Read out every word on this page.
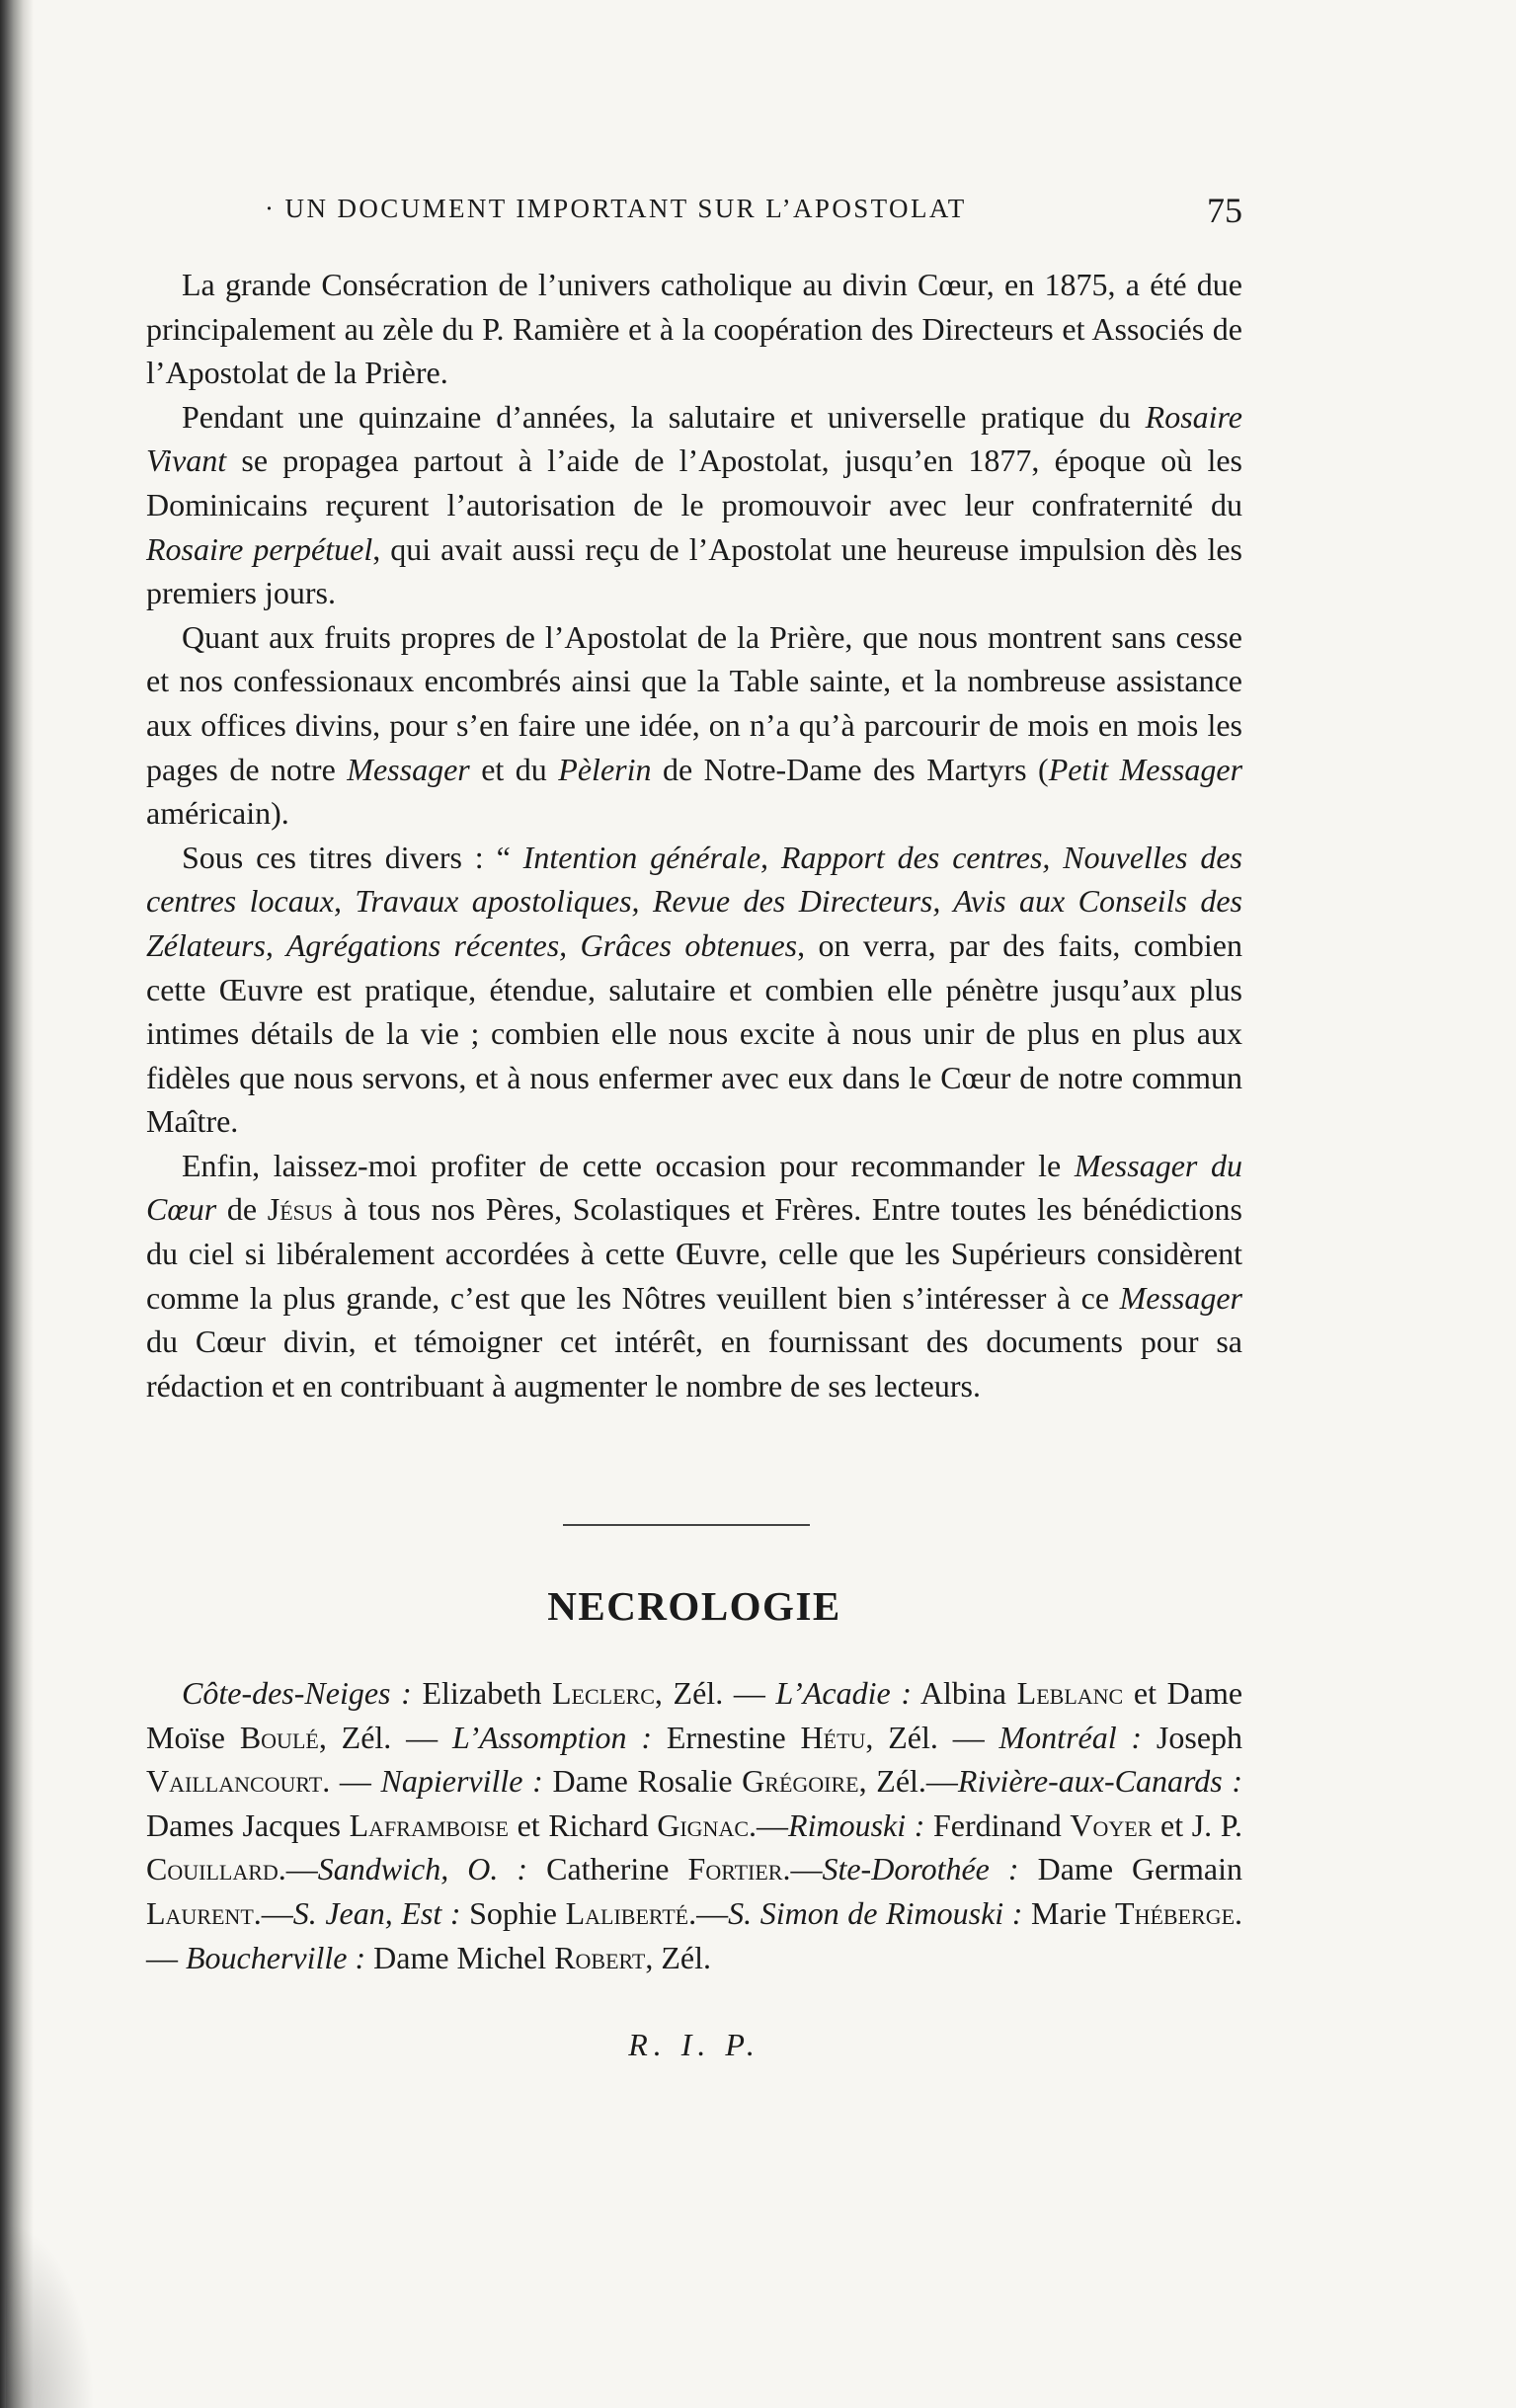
· UN DOCUMENT IMPORTANT SUR L’APOSTOLAT	75

La grande Consécration de l’univers catholique au divin Cœur, en 1875, a été due principalement au zèle du P. Ramière et à la coopération des Directeurs et Associés de l’Apostolat de la Prière.

Pendant une quinzaine d’années, la salutaire et universelle pratique du Rosaire Vivant se propagea partout à l’aide de l’Apostolat, jusqu’en 1877, époque où les Dominicains reçurent l’autorisation de le promouvoir avec leur confraternité du Rosaire perpétuel, qui avait aussi reçu de l’Apostolat une heureuse impulsion dès les premiers jours.

Quant aux fruits propres de l’Apostolat de la Prière, que nous montrent sans cesse et nos confessionaux encombrés ainsi que la Table sainte, et la nombreuse assistance aux offices divins, pour s’en faire une idée, on n’a qu’à parcourir de mois en mois les pages de notre Messager et du Pèlerin de Notre-Dame des Martyrs (Petit Messager américain).

Sous ces titres divers : “ Intention générale, Rapport des centres, Nouvelles des centres locaux, Travaux apostoliques, Revue des Directeurs, Avis aux Conseils des Zélateurs, Agrégations récentes, Grâces obtenues, on verra, par des faits, combien cette Œuvre est pratique, étendue, salutaire et combien elle pénètre jusqu’aux plus intimes détails de la vie ; combien elle nous excite à nous unir de plus en plus aux fidèles que nous servons, et à nous enfermer avec eux dans le Cœur de notre commun Maître.

Enfin, laissez-moi profiter de cette occasion pour recommander le Messager du Cœur de Jésus à tous nos Pères, Scolastiques et Frères. Entre toutes les bénédictions du ciel si libéralement accordées à cette Œuvre, celle que les Supérieurs considèrent comme la plus grande, c’est que les Nôtres veuillent bien s’intéresser à ce Messager du Cœur divin, et témoigner cet intérêt, en fournissant des documents pour sa rédaction et en contribuant à augmenter le nombre de ses lecteurs.

NECROLOGIE

Côte-des-Neiges : Elizabeth Leclerc, Zél. — L’Acadie : Albina Leblanc et Dame Moïse Boulé, Zél. — L’Assomption : Ernestine Hétu, Zél. — Montréal : Joseph Vaillancourt. — Napierville : Dame Rosalie Grégoire, Zél.—Rivière-aux-Canards : Dames Jacques Laframboise et Richard Gignac.—Rimouski : Ferdinand Voyer et J. P. Couillard.—Sandwich, O. : Catherine Fortier.—Ste-Dorothée : Dame Germain Laurent.—S. Jean, Est : Sophie Laliberté.—S. Simon de Rimouski : Marie Théberge. — Boucherville : Dame Michel Robert, Zél.

R. I. P.
